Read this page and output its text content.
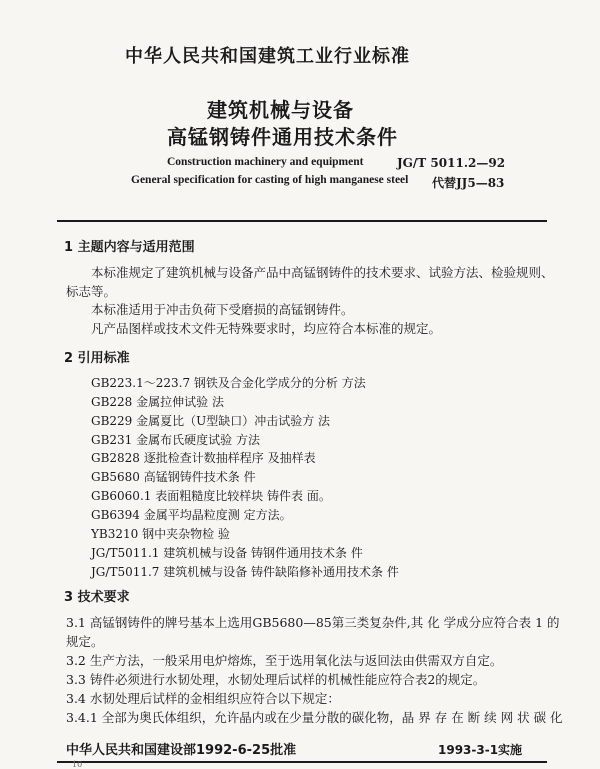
中华人民共和国建筑工业行业标准
建筑机械与设备
高锰钢铸件通用技术条件
Construction machinery and equipment
General specification for casting of high manganese steel
JG/T 5011.2—92
代替JJ5—83
1 主题内容与适用范围
本标准规定了建筑机械与设备产品中高锰钢铸件的技术要求、试验方法、检验规则、
标志等。
本标准适用于冲击负荷下受磨损的高锰钢铸件。
凡产品图样或技术文件无特殊要求时，均应符合本标准的规定。
2 引用标准
GB223.1～223.7 钢铁及合金化学成分的分析 方法
GB228 金属拉伸试验 法
GB229 金属夏比（U型缺口）冲击试验方 法
GB231 金属布氏硬度试验 方法
GB2828 逐批检查计数抽样程序 及抽样表
GB5680 高锰钢铸件技术条 件
GB6060.1 表面粗糙度比较样块 铸件表 面。
GB6394 金属平均晶粒度测 定方法。
YB3210 钢中夹杂物检 验
JG/T5011.1 建筑机械与设备 铸钢件通用技术条 件
JG/T5011.7 建筑机械与设备 铸件缺陷修补通用技术条 件
3 技术要求
3.1 高锰钢铸件的牌号基本上选用GB5680—85第三类复杂件,其 化 学成分应符合表 1 的
规定。
3.2 生产方法，一般采用电炉熔炼，至于选用氧化法与返回法由供需双方自定。
3.3 铸件必须进行水韧处理，水韧处理后试样的机械性能应符合表2的规定。
3.4 水韧处理后试样的金相组织应符合以下规定：
3.4.1 全部为奥氏体组织，允许晶内或在少量分散的碳化物，晶 界 存 在 断 续 网 状 碳 化
中华人民共和国建设部1992-6-25批准	1993-3-1实施
10
